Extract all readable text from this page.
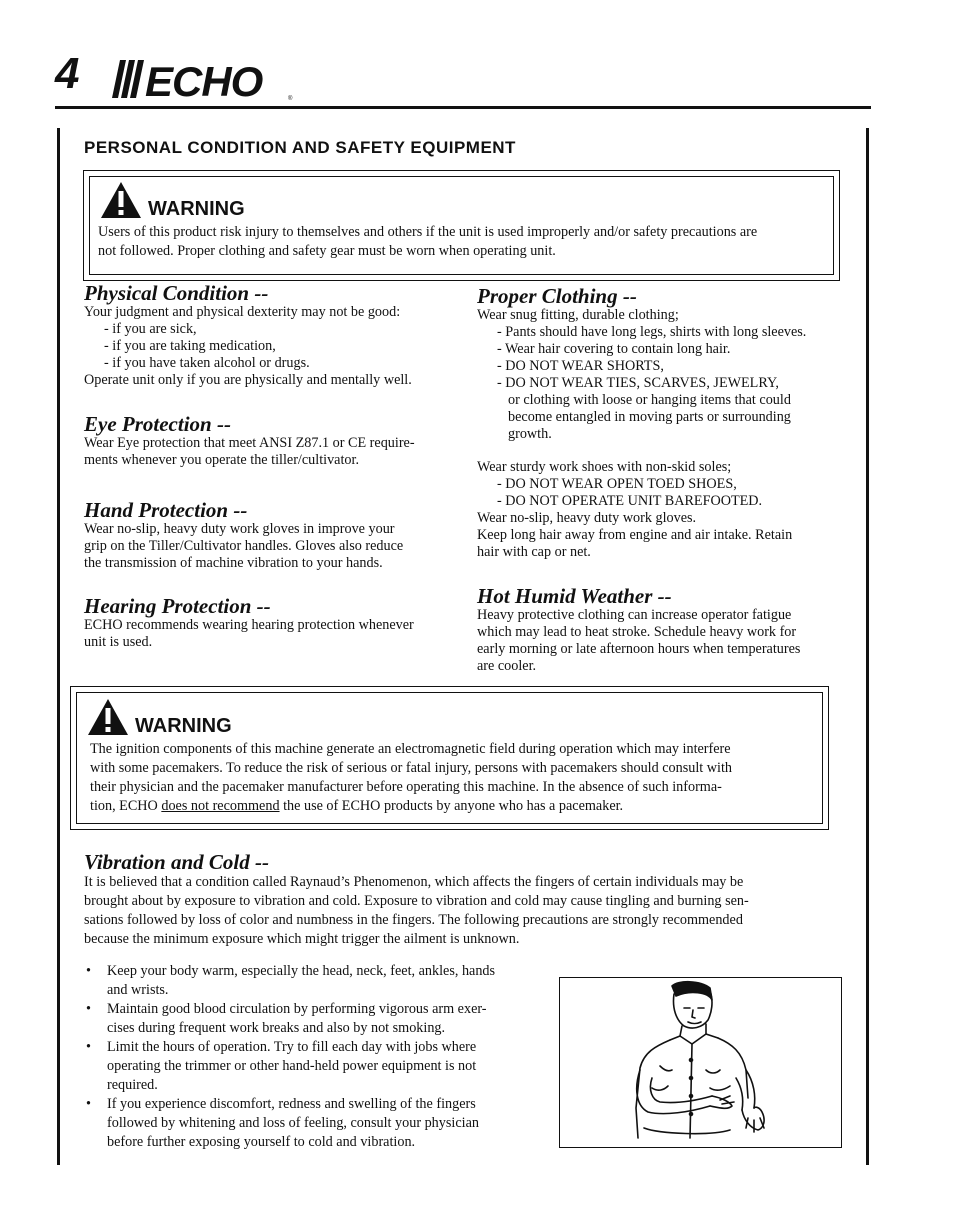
4 ECHO	®
PERSONAL CONDITION AND SAFETY EQUIPMENT
WARNING
Users of this product risk injury to themselves and others if the unit is used improperly and/or safety precautions are
not followed. Proper clothing and safety gear must be worn when operating unit.

Physical Condition --

Your judgment and physical dexterity may not be good:

- if you are sick,

- if you are taking medication,

- if you have taken alcohol or drugs.

Operate unit only if you are physically and mentally well.

Eye Protection --

Wear Eye protection that meet ANSI Z87.1 or CE require-

ments whenever you operate the tiller/cultivator.

Hand Protection --

Wear no-slip, heavy duty work gloves in improve your

grip on the Tiller/Cultivator handles. Gloves also reduce

the transmission of machine vibration to your hands.

Hearing Protection --

ECHO recommends wearing hearing protection whenever

unit is used.

Proper Clothing --

Wear snug fitting, durable clothing;

- Pants should have long legs, shirts with long sleeves.

- Wear hair covering to contain long hair.

- DO NOT WEAR SHORTS,

- DO NOT WEAR TIES, SCARVES, JEWELRY,

or clothing with loose or hanging items that could

become entangled in moving parts or surrounding

growth.

Wear sturdy work shoes with non-skid soles;

- DO NOT WEAR OPEN TOED SHOES,

- DO NOT OPERATE UNIT BAREFOOTED.

Wear no-slip, heavy duty work gloves.

Keep long hair away from engine and air intake. Retain

hair with cap or net.

Hot Humid Weather --

Heavy protective clothing can increase operator fatigue

which may lead to heat stroke. Schedule heavy work for

early morning or late afternoon hours when temperatures

are cooler.

WARNING
The ignition components of this machine generate an electromagnetic field during operation which may interfere
with some pacemakers. To reduce the risk of serious or fatal injury, persons with pacemakers should consult with
their physician and the pacemaker manufacturer before operating this machine. In the absence of such informa-
tion, ECHO does not recommend the use of ECHO products by anyone who has a pacemaker.

Vibration and Cold --

It is believed that a condition called Raynaud’s Phenomenon, which affects the fingers of certain individuals may be

brought about by exposure to vibration and cold. Exposure to vibration and cold may cause tingling and burning sen-

sations followed by loss of color and numbness in the fingers. The following precautions are strongly recommended

because the minimum exposure which might trigger the ailment is unknown.

• Keep your body warm, especially the head, neck, feet, ankles, hands
and wrists.
• Maintain good blood circulation by performing vigorous arm exer-
cises during frequent work breaks and also by not smoking.
• Limit the hours of operation. Try to fill each day with jobs where
operating the trimmer or other hand-held power equipment is not
required.
• If you experience discomfort, redness and swelling of the fingers
followed by whitening and loss of feeling, consult your physician
before further exposing yourself to cold and vibration.
